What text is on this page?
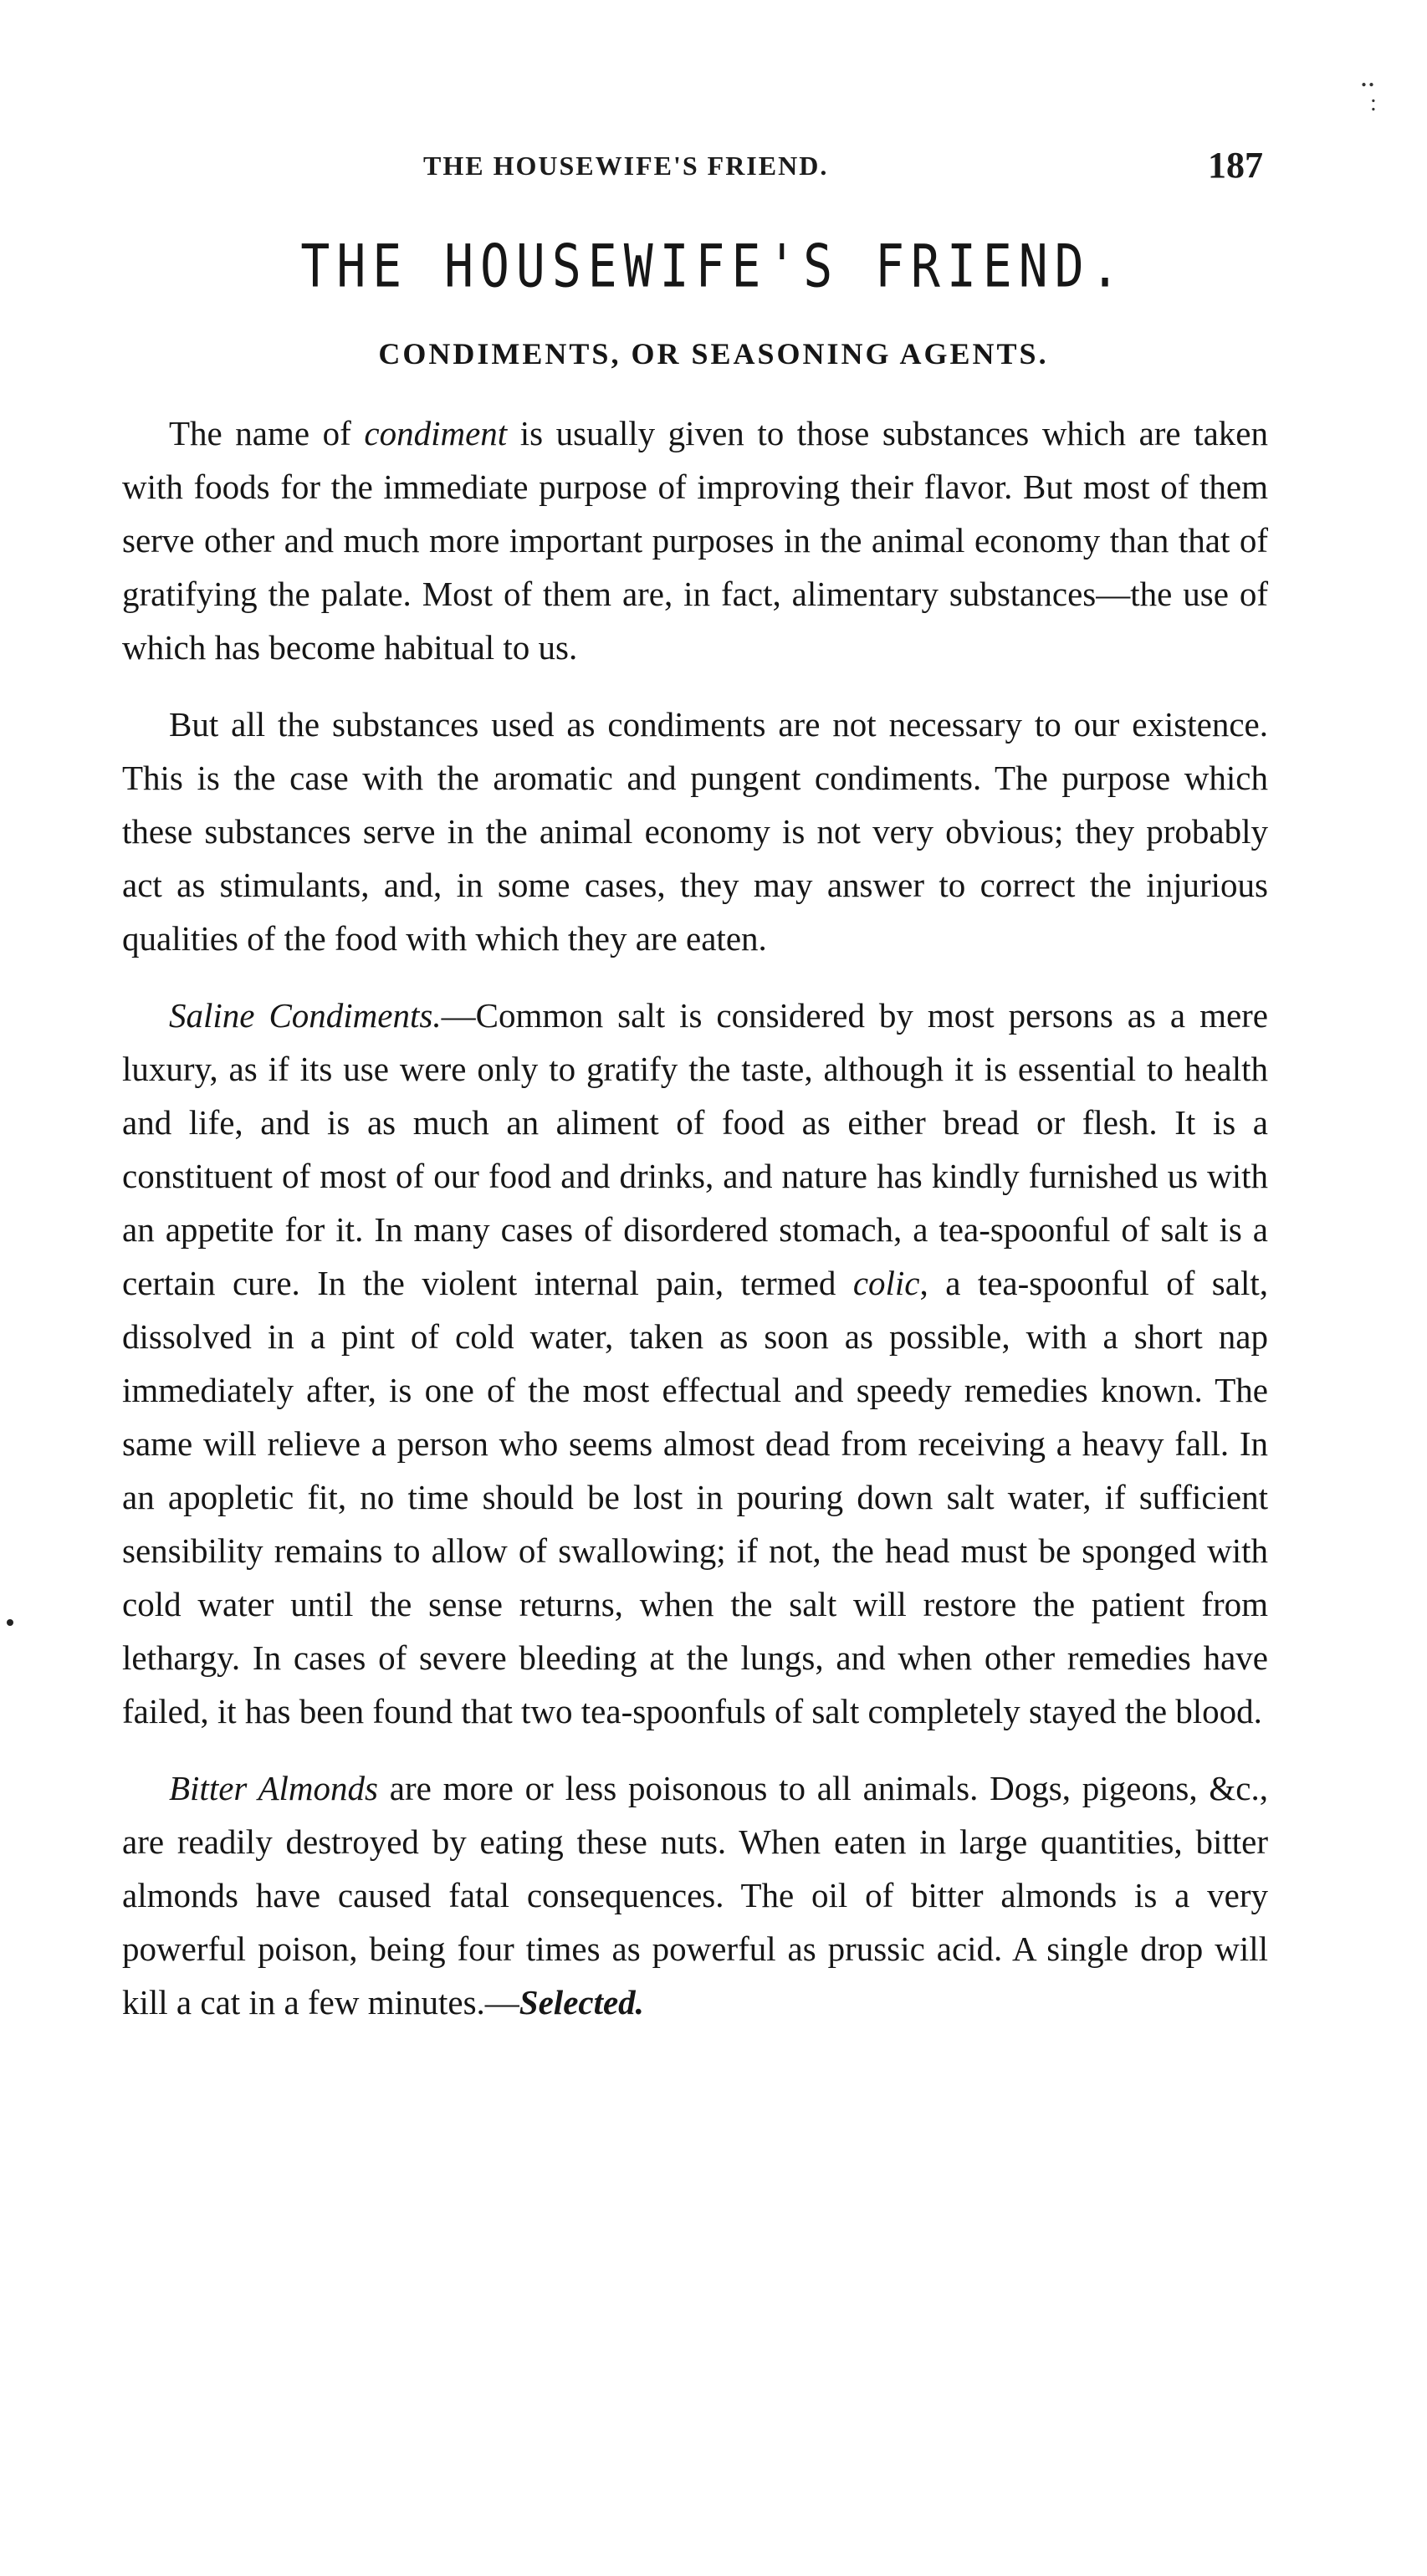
..
:
THE HOUSEWIFE'S FRIEND.	187
THE HOUSEWIFE'S FRIEND.
CONDIMENTS, OR SEASONING AGENTS.

The name of condiment is usually given to those substances which are taken with foods for the immediate purpose of improving their flavor. But most of them serve other and much more important purposes in the animal economy than that of gratifying the palate. Most of them are, in fact, alimentary substances—the use of which has become habitual to us.

But all the substances used as condiments are not necessary to our existence. This is the case with the aromatic and pungent condiments. The purpose which these substances serve in the animal economy is not very obvious; they probably act as stimulants, and, in some cases, they may answer to correct the injurious qualities of the food with which they are eaten.

Saline Condiments.—Common salt is considered by most persons as a mere luxury, as if its use were only to gratify the taste, although it is essential to health and life, and is as much an aliment of food as either bread or flesh. It is a constituent of most of our food and drinks, and nature has kindly furnished us with an appetite for it. In many cases of disordered stomach, a tea-spoonful of salt is a certain cure. In the violent internal pain, termed colic, a tea-spoonful of salt, dissolved in a pint of cold water, taken as soon as possible, with a short nap immediately after, is one of the most effectual and speedy remedies known. The same will relieve a person who seems almost dead from receiving a heavy fall. In an apopletic fit, no time should be lost in pouring down salt water, if sufficient sensibility remains to allow of swallowing; if not, the head must be sponged with cold water until the sense returns, when the salt will restore the patient from lethargy. In cases of severe bleeding at the lungs, and when other remedies have failed, it has been found that two tea-spoonfuls of salt completely stayed the blood.

Bitter Almonds are more or less poisonous to all animals. Dogs, pigeons, &c., are readily destroyed by eating these nuts. When eaten in large quantities, bitter almonds have caused fatal consequences. The oil of bitter almonds is a very powerful poison, being four times as powerful as prussic acid. A single drop will kill a cat in a few minutes.—Selected.
